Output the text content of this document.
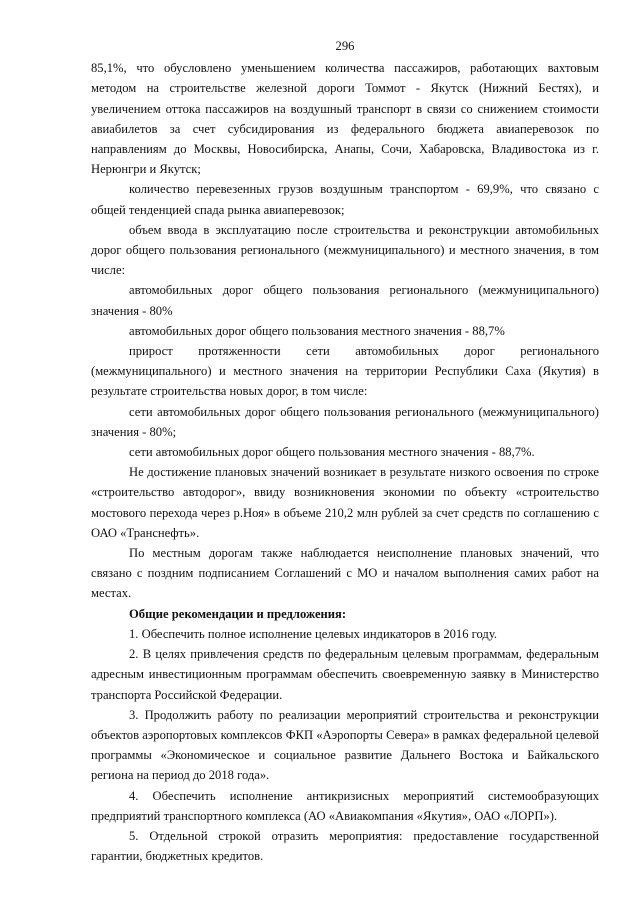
296

85,1%, что обусловлено уменьшением количества пассажиров, работающих вахтовым методом на строительстве железной дороги Томмот - Якутск (Нижний Бестях), и увеличением оттока пассажиров на воздушный транспорт в связи со снижением стоимости авиабилетов за счет субсидирования из федерального бюджета авиаперевозок по направлениям до Москвы, Новосибирска, Анапы, Сочи, Хабаровска, Владивостока из г. Нерюнгри и Якутск;

количество перевезенных грузов воздушным транспортом - 69,9%, что связано с общей тенденцией спада рынка авиаперевозок;

объем ввода в эксплуатацию после строительства и реконструкции автомобильных дорог общего пользования регионального (межмуниципального) и местного значения, в том числе:

автомобильных дорог общего пользования регионального (межмуниципального) значения - 80%

автомобильных дорог общего пользования местного значения - 88,7%

прирост протяженности сети автомобильных дорог регионального (межмуниципального) и местного значения на территории Республики Саха (Якутия) в результате строительства новых дорог, в том числе:

сети автомобильных дорог общего пользования регионального (межмуниципального) значения - 80%;

сети автомобильных дорог общего пользования местного значения - 88,7%.

Не достижение плановых значений возникает в результате низкого освоения по строке «строительство автодорог», ввиду возникновения экономии по объекту «строительство мостового перехода через р.Ноя» в объеме 210,2 млн рублей за счет средств по соглашению с ОАО «Транснефть».

По местным дорогам также наблюдается неисполнение плановых значений, что связано с поздним подписанием Соглашений с МО и началом выполнения самих работ на местах.

Общие рекомендации и предложения:

1. Обеспечить полное исполнение целевых индикаторов в 2016 году.

2. В целях привлечения средств по федеральным целевым программам, федеральным адресным инвестиционным программам обеспечить своевременную заявку в Министерство транспорта Российской Федерации.

3. Продолжить работу по реализации мероприятий строительства и реконструкции объектов аэропортовых комплексов ФКП «Аэропорты Севера» в рамках федеральной целевой программы «Экономическое и социальное развитие Дальнего Востока и Байкальского региона на период до 2018 года».

4. Обеспечить исполнение антикризисных мероприятий системообразующих предприятий транспортного комплекса (АО «Авиакомпания «Якутия», ОАО «ЛОРП»).

5. Отдельной строкой отразить мероприятия: предоставление государственной гарантии, бюджетных кредитов.
